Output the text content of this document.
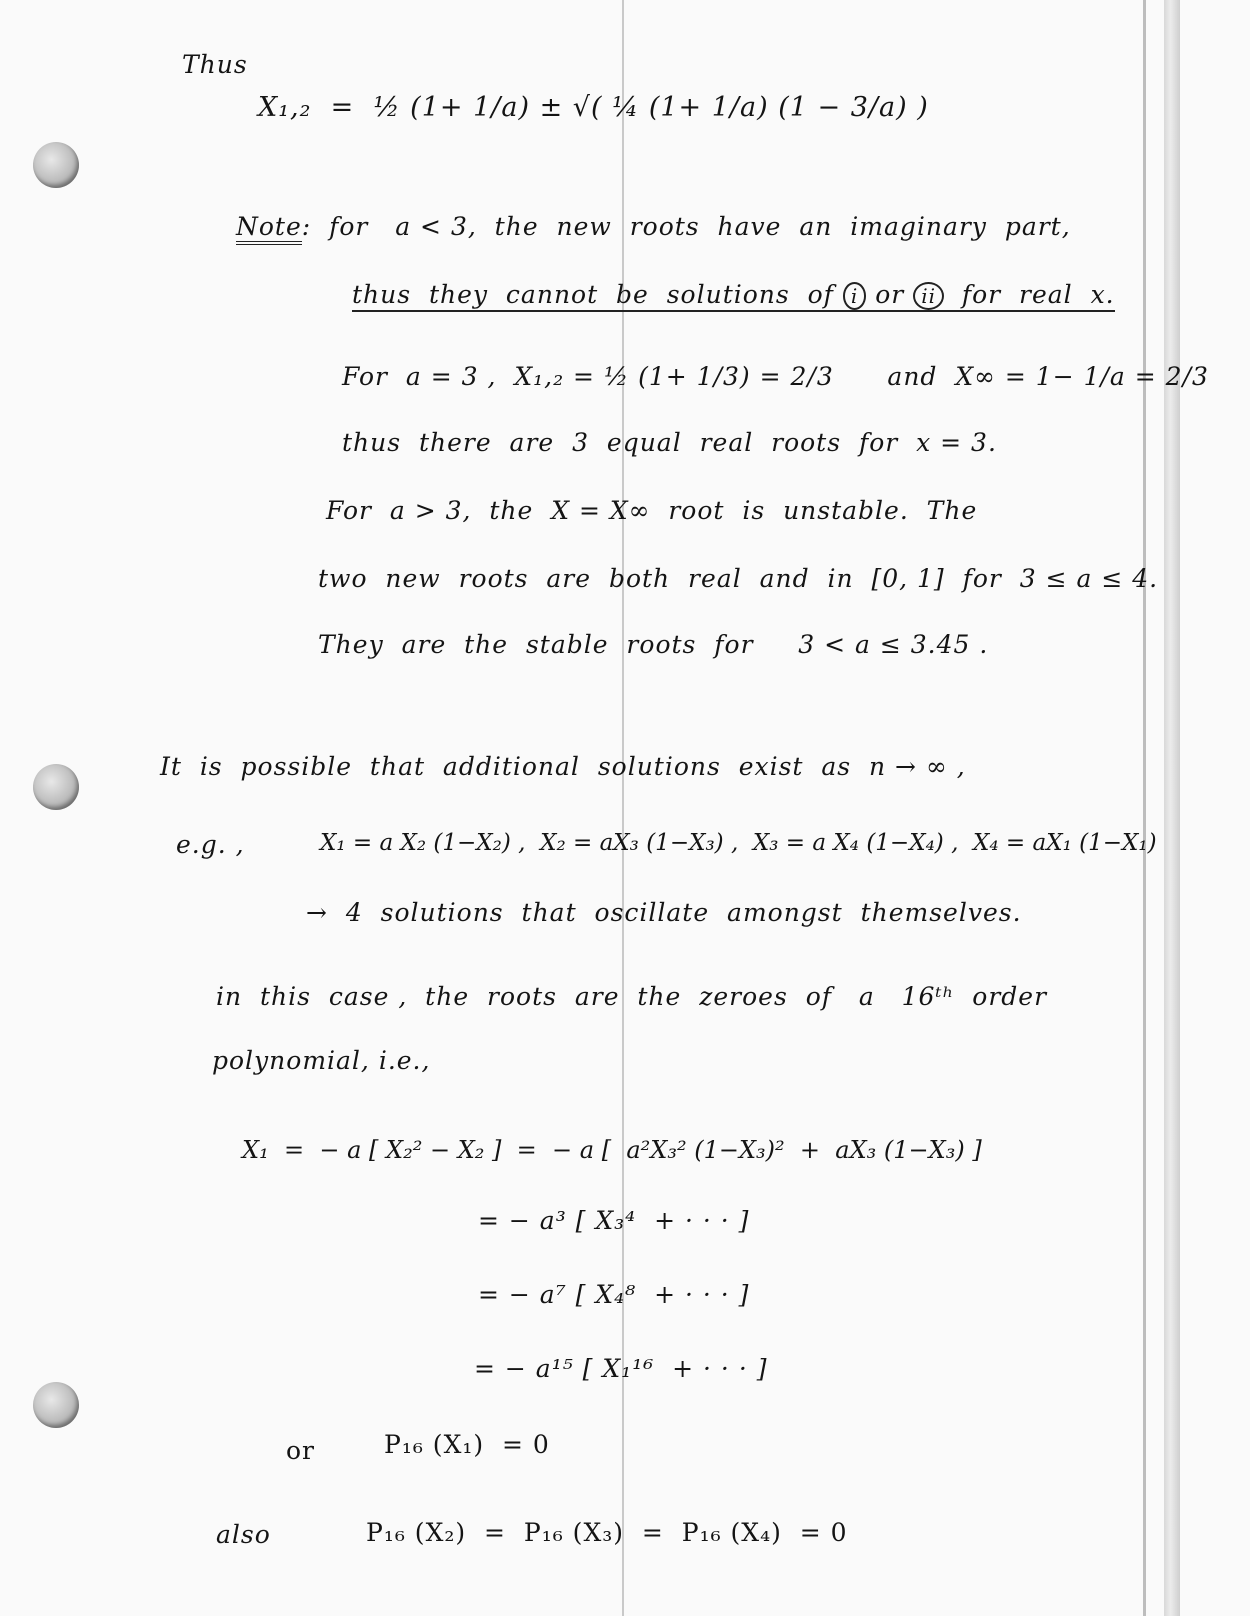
Thus
X₁,₂  =  ½ (1+ 1/a) ± √( ¼ (1+ 1/a) (1 − 3/a) )
Note:  for   a < 3,  the  new  roots  have  an  imaginary  part,
thus  they  cannot  be  solutions  of i or ii  for  real  x.
For  a = 3 ,  X₁,₂ = ½ (1+ 1/3) = 2/3      and  X∞ = 1− 1/a = 2/3
thus  there  are  3  equal  real  roots  for  x = 3.
For  a > 3,  the  X = X∞  root  is  unstable.  The
two  new  roots  are  both  real  and  in  [0, 1]  for  3 ≤ a ≤ 4.
They  are  the  stable  roots  for     3 < a ≤ 3.45 .
It  is  possible  that  additional  solutions  exist  as  n → ∞ ,
e.g. ,	X₁ = a X₂ (1−X₂) ,  X₂ = aX₃ (1−X₃) ,  X₃ = a X₄ (1−X₄) ,  X₄ = aX₁ (1−X₁)
→  4  solutions  that  oscillate  amongst  themselves.
in  this  case ,  the  roots  are  the  zeroes  of   a   16ᵗʰ  order
polynomial, i.e.,
X₁  =  − a [ X₂² − X₂ ]  =  − a [  a²X₃² (1−X₃)²  +  aX₃ (1−X₃) ]
= − a³ [ X₃⁴  + · · · ]
= − a⁷ [ X₄⁸  + · · · ]
= − a¹⁵ [ X₁¹⁶  + · · · ]
or	P₁₆ (X₁)  = 0
also	P₁₆ (X₂)  =  P₁₆ (X₃)  =  P₁₆ (X₄)  = 0
